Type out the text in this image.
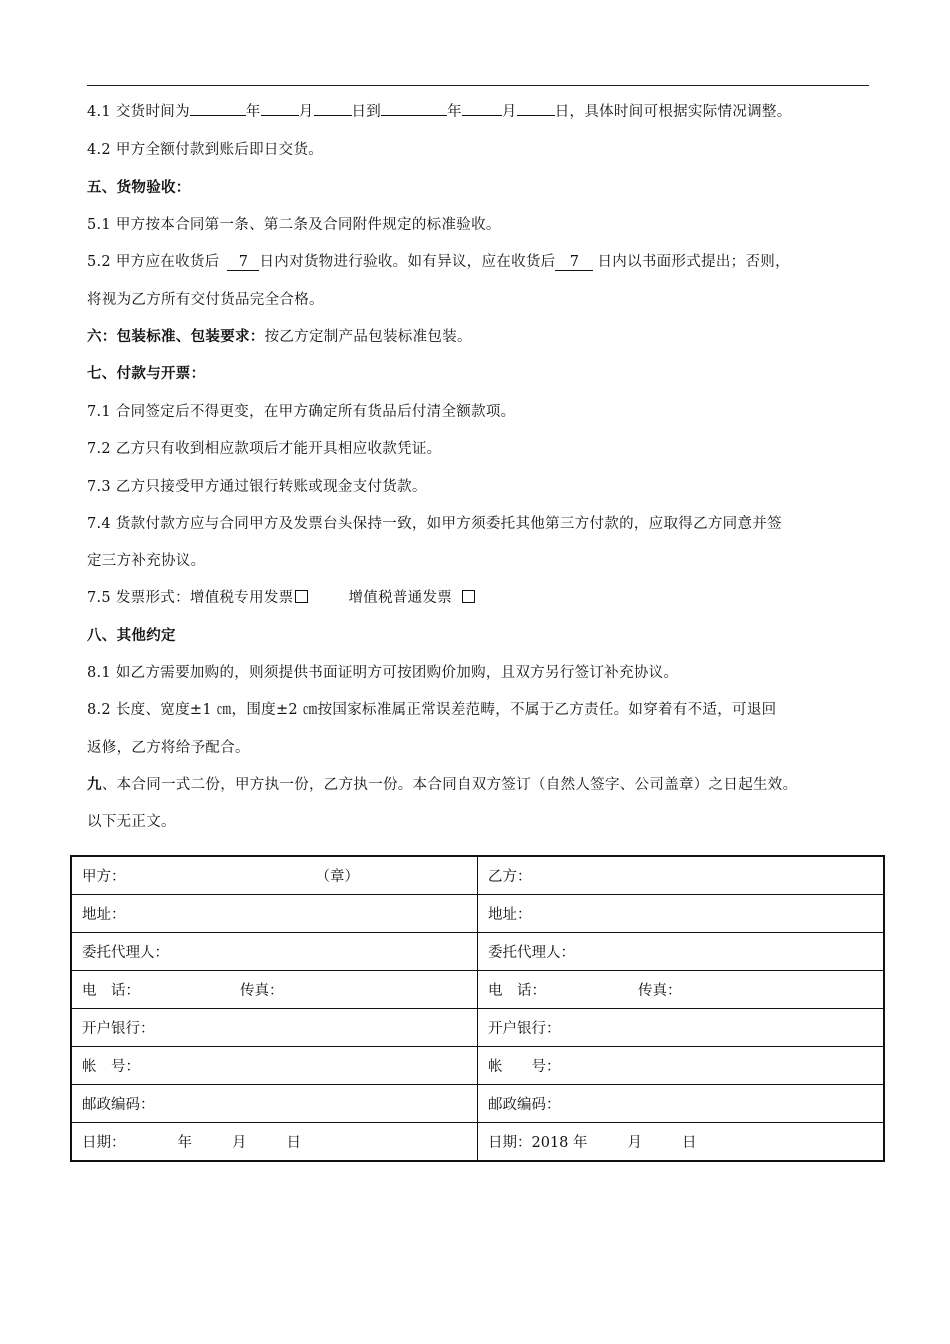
4.1 交货时间为	年	月	日到	年	月	日，具体时间可根据实际情况调整。
4.2 甲方全额付款到账后即日交货。
五、货物验收：
5.1 甲方按本合同第一条、第二条及合同附件规定的标准验收。
5.2 甲方应在收货后 7 日内对货物进行验收。如有异议，应在收货后 7 日内以书面形式提出；否则，
将视为乙方所有交付货品完全合格。
六：包装标准、包装要求：按乙方定制产品包装标准包装。
七、付款与开票：
7.1 合同签定后不得更变，在甲方确定所有货品后付清全额款项。
7.2 乙方只有收到相应款项后才能开具相应收款凭证。
7.3 乙方只接受甲方通过银行转账或现金支付货款。
7.4 货款付款方应与合同甲方及发票台头保持一致，如甲方须委托其他第三方付款的，应取得乙方同意并签
定三方补充协议。
7.5 发票形式：增值税专用发票	增值税普通发票
八、其他约定
8.1 如乙方需要加购的，则须提供书面证明方可按团购价加购，且双方另行签订补充协议。
8.2 长度、宽度±1 ㎝，围度±2 ㎝按国家标准属正常误差范畴，不属于乙方责任。如穿着有不适，可退回
返修，乙方将给予配合。
九、本合同一式二份，甲方执一份，乙方执一份。本合同自双方签订（自然人签字、公司盖章）之日起生效。
以下无正文。
甲方： （章）	乙方：
地址：	地址：
委托代理人：	委托代理人：
电　话： 传真：	电　话： 传真：
开户银行：	开户银行：
帐　号：	帐　　号：
邮政编码：	邮政编码：
日期： 年 月 日	日期：2018 年 月 日
